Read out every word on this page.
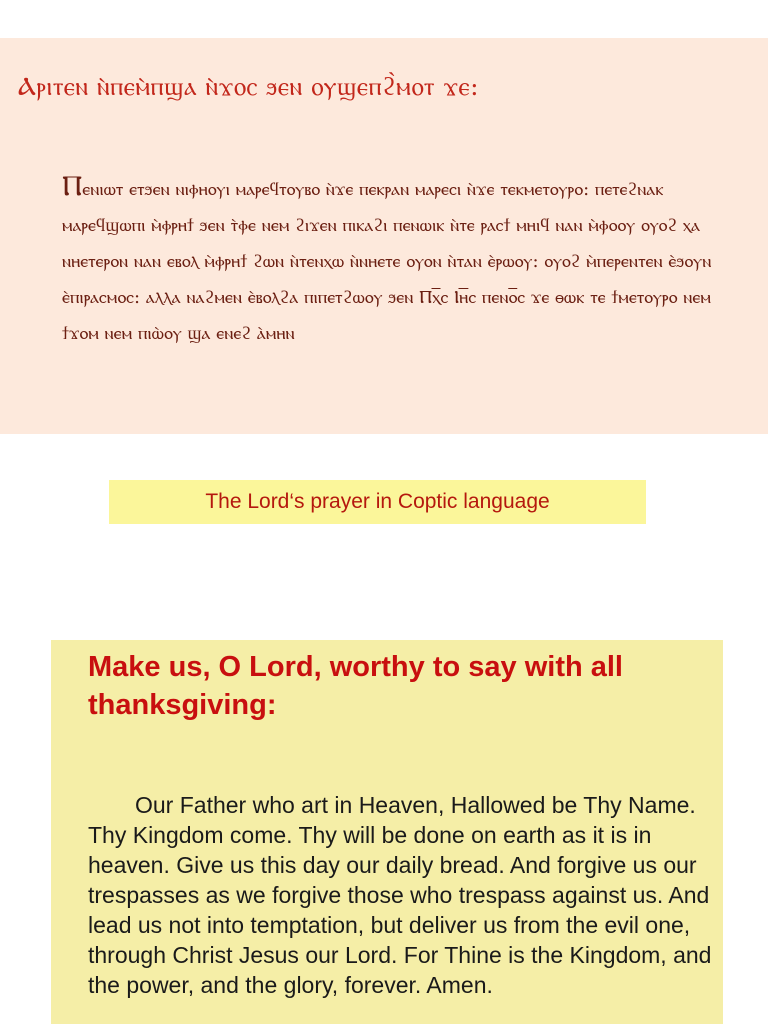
Ⲁⲣⲓⲧⲉⲛ ⲛ̀ⲡⲉⲙ̀ⲡϣⲁ ⲛ̀ϫⲟⲥ ϧⲉⲛ ⲟⲩϣⲉⲡϩ̀ⲙⲟⲧ ϫⲉ:

Ⲡⲉⲛⲓⲱⲧ ⲉⲧϧⲉⲛ ⲛⲓⲫⲏⲟⲩⲓ ⲙⲁⲣⲉϥⲧⲟⲩⲃⲟ ⲛ̀ϫⲉ ⲡⲉⲕⲣⲁⲛ ⲙⲁⲣⲉⲥⲓ ⲛ̀ϫⲉ ⲧⲉⲕⲙⲉⲧⲟⲩⲣⲟ: ⲡⲉⲧⲉϩⲛⲁⲕ ⲙⲁⲣⲉϥϣⲱⲡⲓ ⲙ̀ⲫⲣⲏϯ ϧⲉⲛ ⲧ̀ⲫⲉ ⲛⲉⲙ ϩⲓϫⲉⲛ ⲡⲓⲕⲁϩⲓ ⲡⲉⲛⲱⲓⲕ ⲛ̀ⲧⲉ ⲣⲁⲥϯ ⲙⲏⲓϥ ⲛⲁⲛ ⲙ̀ⲫⲟⲟⲩ ⲟⲩⲟϩ ⲭⲁ ⲛⲏⲉⲧⲉⲣⲟⲛ ⲛⲁⲛ ⲉⲃⲟⲗ ⲙ̀ⲫⲣⲏϯ ϩⲱⲛ ⲛ̀ⲧⲉⲛⲭⲱ ⲛ̀ⲛⲏⲉⲧⲉ ⲟⲩⲟⲛ ⲛ̀ⲧⲁⲛ ⲉ̀ⲣⲱⲟⲩ: ⲟⲩⲟϩ ⲙ̀ⲡⲉⲣⲉⲛⲧⲉⲛ ⲉ̀ϧⲟⲩⲛ ⲉ̀ⲡⲓⲣⲁⲥⲙⲟⲥ: ⲁⲗⲗⲁ ⲛⲁϩⲙⲉⲛ ⲉ̀ⲃⲟⲗϩⲁ ⲡⲓⲡⲉⲧϩⲱⲟⲩ ϧⲉⲛ Ⲡⲭ̅ⲥ Ⲓⲏ̅ⲥ ⲡⲉⲛⲟ̅ⲥ ϫⲉ ⲑⲱⲕ ⲧⲉ ϯⲙⲉⲧⲟⲩⲣⲟ ⲛⲉⲙ ϯϫⲟⲙ ⲛⲉⲙ ⲡⲓⲱ̀ⲟⲩ ϣⲁ ⲉⲛⲉϩ ⲁ̀ⲙⲏⲛ

The Lord‘s prayer in Coptic language
Make us, O Lord, worthy to say with all thanksgiving:

Our Father who art in Heaven, Hallowed be Thy Name. Thy Kingdom come. Thy will be done on earth as it is in heaven. Give us this day our daily bread. And forgive us our trespasses as we forgive those who trespass against us. And lead us not into temptation, but deliver us from the evil one, through Christ Jesus our Lord. For Thine is the Kingdom, and the power, and the glory, forever. Amen.
